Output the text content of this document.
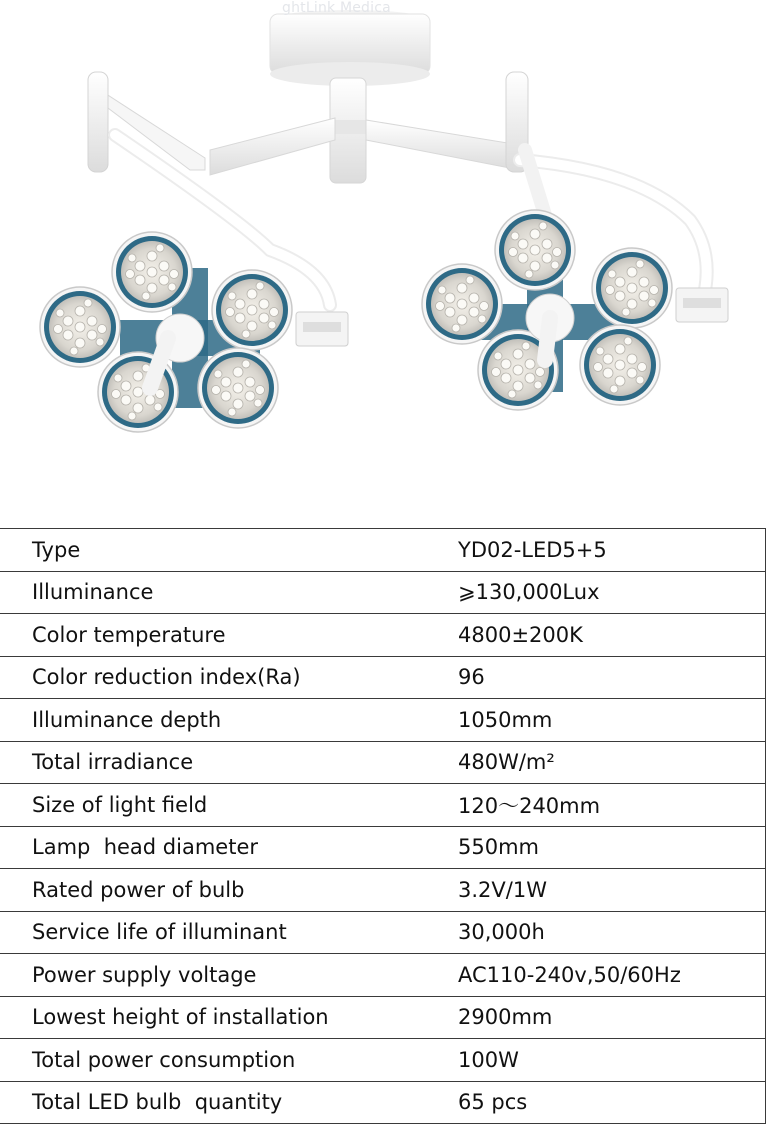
ghtLink Medica
Type	YD02-LED5+5
Illuminance	⩾130,000Lux
Color temperature	4800±200K
Color reduction index(Ra)	96
Illuminance depth	1050mm
Total irradiance	480W/m²
Size of light field	120～240mm
Lamp  head diameter	550mm
Rated power of bulb	3.2V/1W
Service life of illuminant	30,000h
Power supply voltage	AC110-240v,50/60Hz
Lowest height of installation	2900mm
Total power consumption	100W
Total LED bulb  quantity	65 pcs
